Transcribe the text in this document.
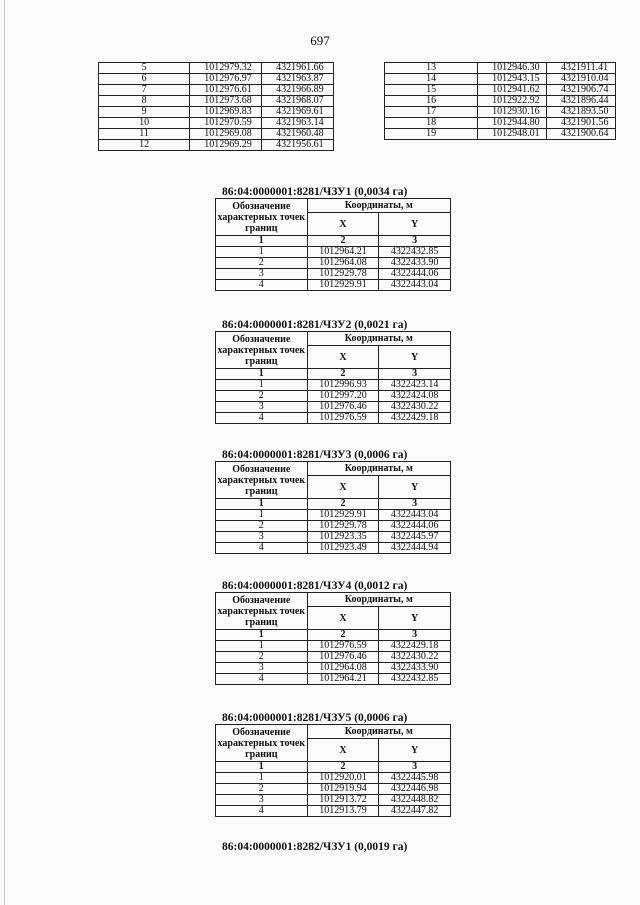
697
5	1012979.32	4321961.66
6	1012976.97	4321963.87
7	1012976.61	4321966.89
8	1012973.68	4321968.07
9	1012969.83	4321969.61
10	1012970.59	4321963.14
11	1012969.08	4321960.48
12	1012969.29	4321956.61
13	1012946.30	4321911.41
14	1012943.15	4321910.04
15	1012941.62	4321906.74
16	1012922.92	4321896.44
17	1012930.16	4321893.50
18	1012944.80	4321901.56
19	1012948.01	4321900.64
86:04:0000001:8281/ЧЗУ1 (0,0034 га)
Обозначение характерных точек границ	Координаты, м	
	X	Y
1	2	3
1	1012964.21	4322432.85
2	1012964.08	4322433.90
3	1012929.78	4322444.06
4	1012929.91	4322443.04
86:04:0000001:8281/ЧЗУ2 (0,0021 га)
Обозначение характерных точек границ	Координаты, м	
	X	Y
1	2	3
1	1012996.93	4322423.14
2	1012997.20	4322424.08
3	1012976.46	4322430.22
4	1012976.59	4322429.18
86:04:0000001:8281/ЧЗУ3 (0,0006 га)
Обозначение характерных точек границ	Координаты, м	
	X	Y
1	2	3
1	1012929.91	4322443.04
2	1012929.78	4322444.06
3	1012923.35	4322445.97
4	1012923.49	4322444.94
86:04:0000001:8281/ЧЗУ4 (0,0012 га)
Обозначение характерных точек границ	Координаты, м	
	X	Y
1	2	3
1	1012976.59	4322429.18
2	1012976.46	4322430.22
3	1012964.08	4322433.90
4	1012964.21	4322432.85
86:04:0000001:8281/ЧЗУ5 (0,0006 га)
Обозначение характерных точек границ	Координаты, м	
	X	Y
1	2	3
1	1012920.01	4322445.98
2	1012919.94	4322446.98
3	1012913.72	4322448.82
4	1012913.79	4322447.82
86:04:0000001:8282/ЧЗУ1 (0,0019 га)
